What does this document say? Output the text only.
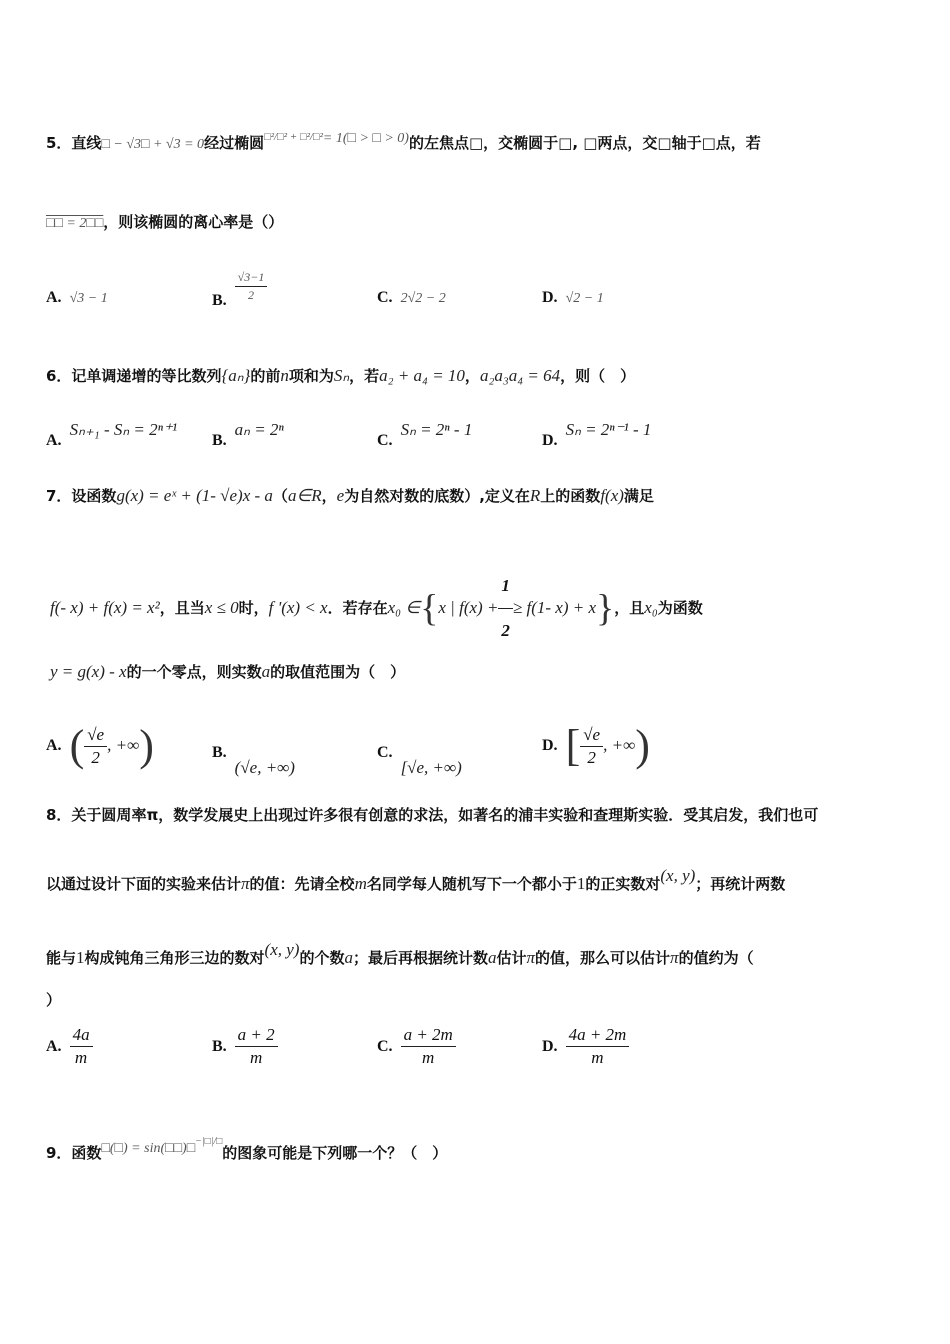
5．直线□ − √3□ + √3 = 0经过椭圆$^{□^2/□^2 + □^2/□^2}$= 1(□ > □ > 0)的左焦点□，交椭圆于□, □两点，交□轴于□点，若
□□ = 2□□，则该椭圆的离心率是（）
A. √3 − 1	B. $\frac{√3-1}{2}$	C. 2√2 − 2	D. √2 − 1
6．记单调递增的等比数列{aₙ}的前n项和为Sₙ，若a₂ + a₄ = 10，a₂a₃a₄ = 64，则（　）
A.Sₙ₊₁ - Sₙ = 2ⁿ⁺¹
B.aₙ = 2ⁿ
C.Sₙ = 2ⁿ - 1
D.Sₙ = 2ⁿ⁻¹ - 1
7．设函数g(x) = eˣ + (1- √e)x - a（a∈R，e为自然对数的底数）,定义在R上的函数f(x)满足
f(- x) + f(x) = x²，且当x ≤ 0时，f '(x) < x．若存在x₀ ∈{x | $f(x) + \frac{1}{2} \ge f(1-$ x) + x}，且x₀为函数
y = g(x) - x的一个零点，则实数a的取值范围为（　）
A. ( $\frac{√e}{2}$ , +∞)	B.(√e, +∞)
C.[√e, +∞)
D. [ $\frac{√e}{2}$ , +∞)
8．关于圆周率π，数学发展史上出现过许多很有创意的求法，如著名的浦丰实验和查理斯实验．受其启发，我们也可
以通过设计下面的实验来估计π的值：先请全校m名同学每人随机写下一个都小于1的正实数对(x, y)；再统计两数
能与1构成钝角三角形三边的数对(x, y)的个数a；最后再根据统计数a估计π的值，那么可以估计π的值约为（
）
A. $\frac{4a}{m}$	B. $\frac{a + 2}{m}$	C. $\frac{a + 2m}{m}$	D. $\frac{4a + 2m}{m}$
9．函数□(□) = sin(□□)□−|□|/□的图象可能是下列哪一个？（　）
